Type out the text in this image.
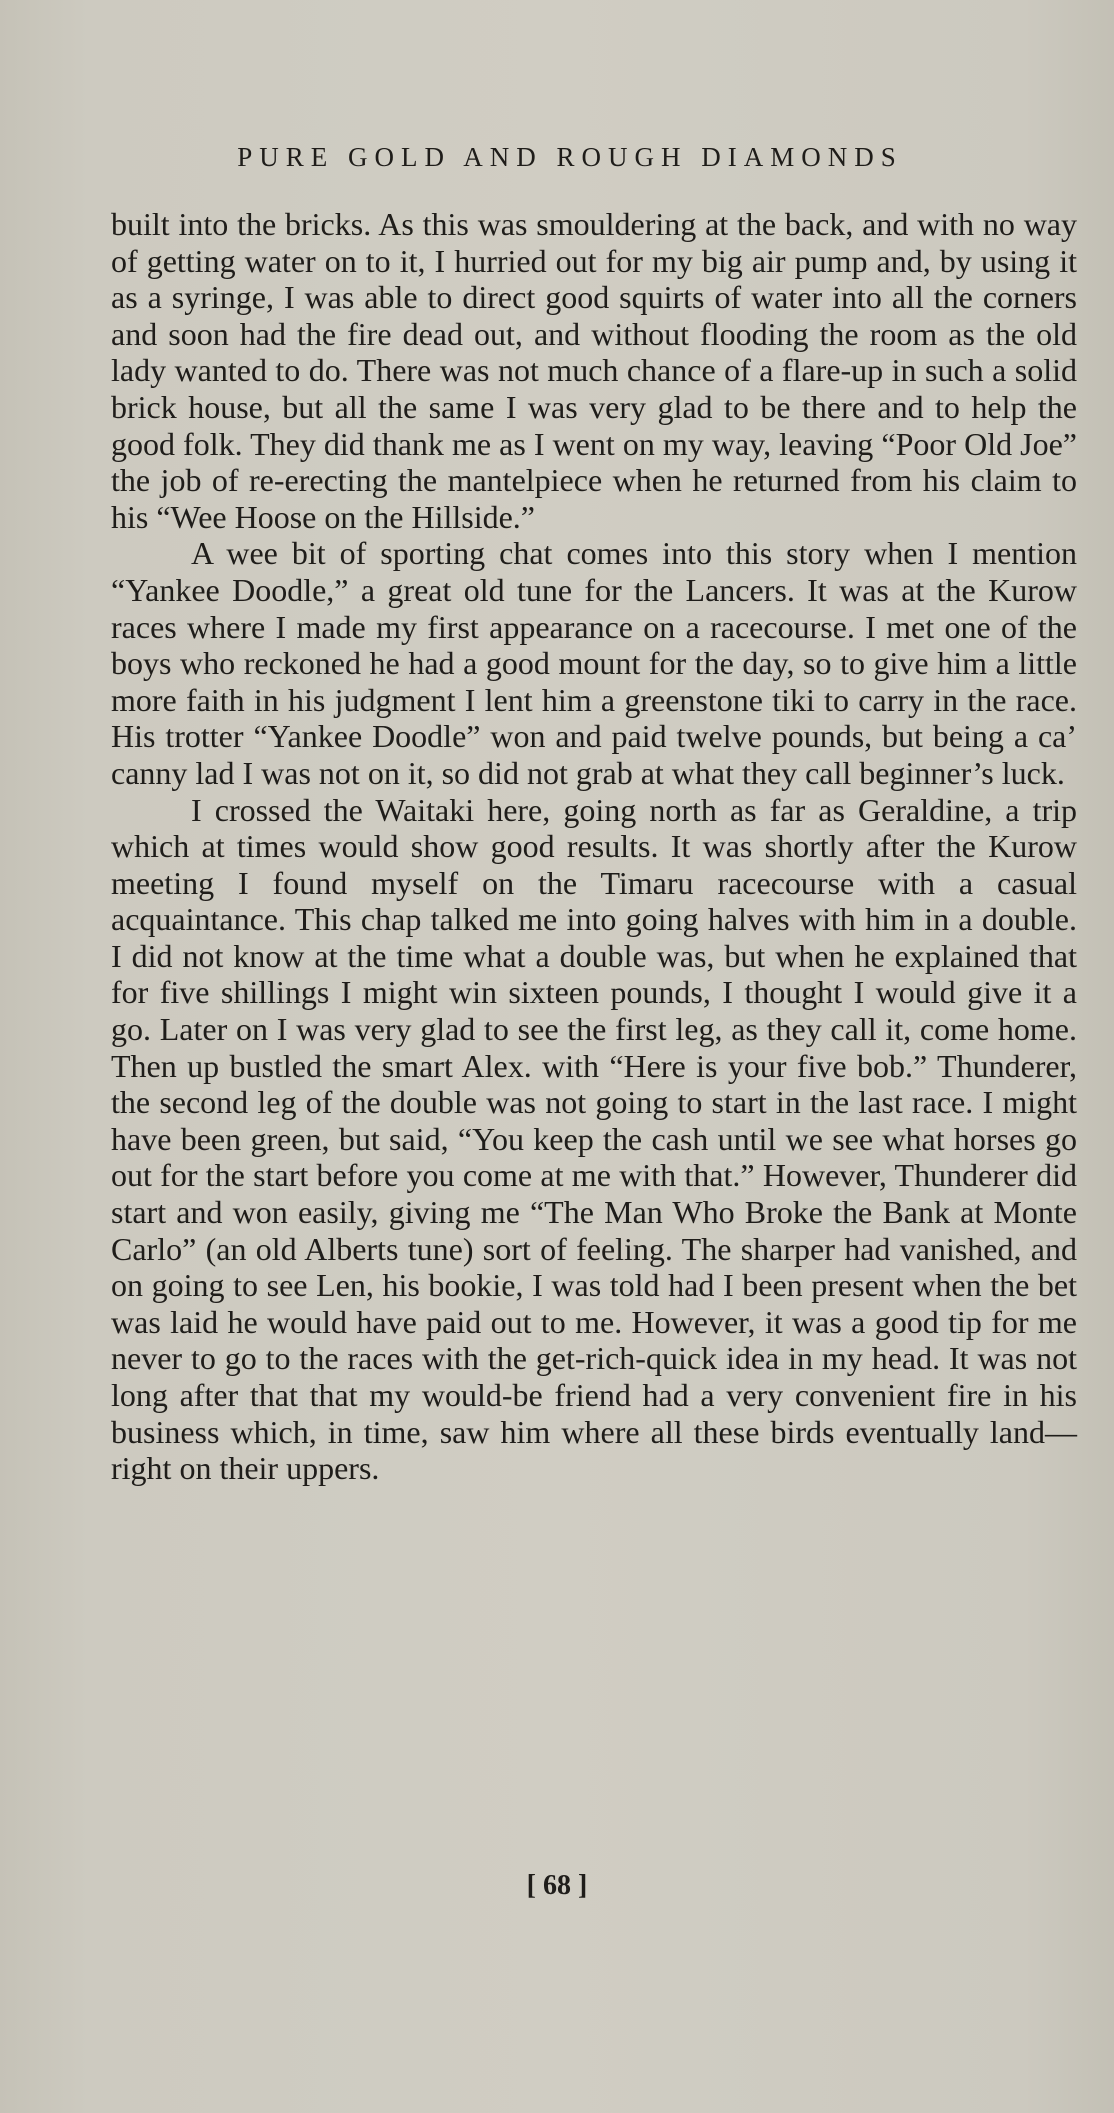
PURE GOLD AND ROUGH DIAMONDS

built into the bricks. As this was smouldering at the back, and with no way of getting water on to it, I hurried out for my big air pump and, by using it as a syringe, I was able to direct good squirts of water into all the corners and soon had the fire dead out, and without flooding the room as the old lady wanted to do. There was not much chance of a flare-up in such a solid brick house, but all the same I was very glad to be there and to help the good folk. They did thank me as I went on my way, leaving “Poor Old Joe” the job of re-erecting the mantelpiece when he returned from his claim to his “Wee Hoose on the Hillside.”

A wee bit of sporting chat comes into this story when I mention “Yankee Doodle,” a great old tune for the Lancers. It was at the Kurow races where I made my first appearance on a racecourse. I met one of the boys who reckoned he had a good mount for the day, so to give him a little more faith in his judgment I lent him a greenstone tiki to carry in the race. His trotter “Yankee Doodle” won and paid twelve pounds, but being a ca’ canny lad I was not on it, so did not grab at what they call beginner’s luck.

I crossed the Waitaki here, going north as far as Geraldine, a trip which at times would show good results. It was shortly after the Kurow meeting I found myself on the Timaru racecourse with a casual acquaintance. This chap talked me into going halves with him in a double. I did not know at the time what a double was, but when he explained that for five shillings I might win sixteen pounds, I thought I would give it a go. Later on I was very glad to see the first leg, as they call it, come home. Then up bustled the smart Alex. with “Here is your five bob.” Thunderer, the second leg of the double was not going to start in the last race. I might have been green, but said, “You keep the cash until we see what horses go out for the start before you come at me with that.” However, Thunderer did start and won easily, giving me “The Man Who Broke the Bank at Monte Carlo” (an old Alberts tune) sort of feeling. The sharper had vanished, and on going to see Len, his bookie, I was told had I been present when the bet was laid he would have paid out to me. However, it was a good tip for me never to go to the races with the get-rich-quick idea in my head. It was not long after that that my would-be friend had a very convenient fire in his business which, in time, saw him where all these birds eventually land—right on their uppers.

[ 68 ]
